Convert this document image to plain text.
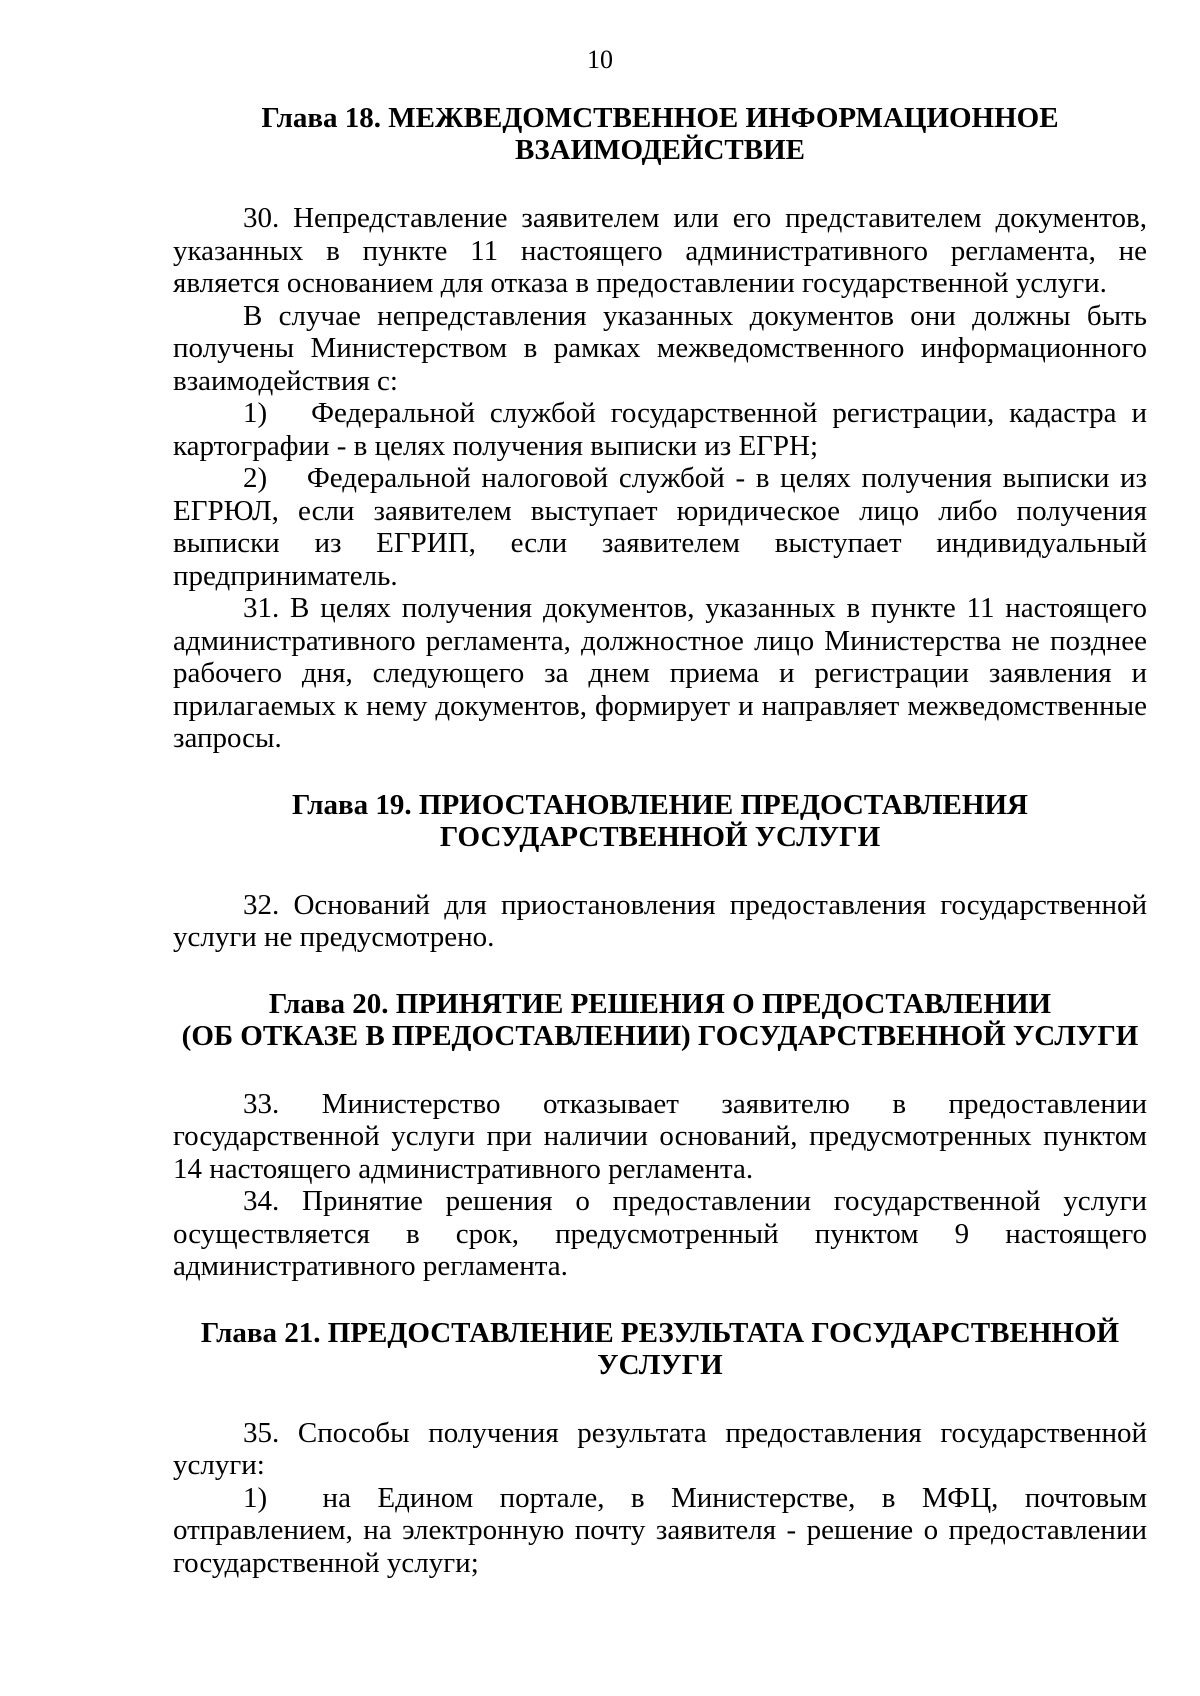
10
Глава 18. МЕЖВЕДОМСТВЕННОЕ ИНФОРМАЦИОННОЕ
ВЗАИМОДЕЙСТВИЕ

30. Непредставление заявителем или его представителем документов, указанных в пункте 11 настоящего административного регламента, не является основанием для отказа в предоставлении государственной услуги.

В случае непредставления указанных документов они должны быть получены Министерством в рамках межведомственного информационного взаимодействия с:

1)  Федеральной службой государственной регистрации, кадастра и картографии - в целях получения выписки из ЕГРН;

2)  Федеральной налоговой службой - в целях получения выписки из ЕГРЮЛ, если заявителем выступает юридическое лицо либо получения выписки из ЕГРИП, если заявителем выступает индивидуальный предприниматель.

31. В целях получения документов, указанных в пункте 11 настоящего административного регламента, должностное лицо Министерства не позднее рабочего дня, следующего за днем приема и регистрации заявления и прилагаемых к нему документов, формирует и направляет межведомственные запросы.

Глава 19. ПРИОСТАНОВЛЕНИЕ ПРЕДОСТАВЛЕНИЯ
ГОСУДАРСТВЕННОЙ УСЛУГИ

32. Оснований для приостановления предоставления государственной услуги не предусмотрено.

Глава 20. ПРИНЯТИЕ РЕШЕНИЯ О ПРЕДОСТАВЛЕНИИ
(ОБ ОТКАЗЕ В ПРЕДОСТАВЛЕНИИ) ГОСУДАРСТВЕННОЙ УСЛУГИ

33. Министерство отказывает заявителю в предоставлении государственной услуги при наличии оснований, предусмотренных пунктом 14 настоящего административного регламента.

34. Принятие решения о предоставлении государственной услуги осуществляется в срок, предусмотренный пунктом 9 настоящего административного регламента.

Глава 21. ПРЕДОСТАВЛЕНИЕ РЕЗУЛЬТАТА ГОСУДАРСТВЕННОЙ
УСЛУГИ

35. Способы получения результата предоставления государственной услуги:

1)  на Едином портале, в Министерстве, в МФЦ, почтовым отправлением, на электронную почту заявителя - решение о предоставлении государственной услуги;
